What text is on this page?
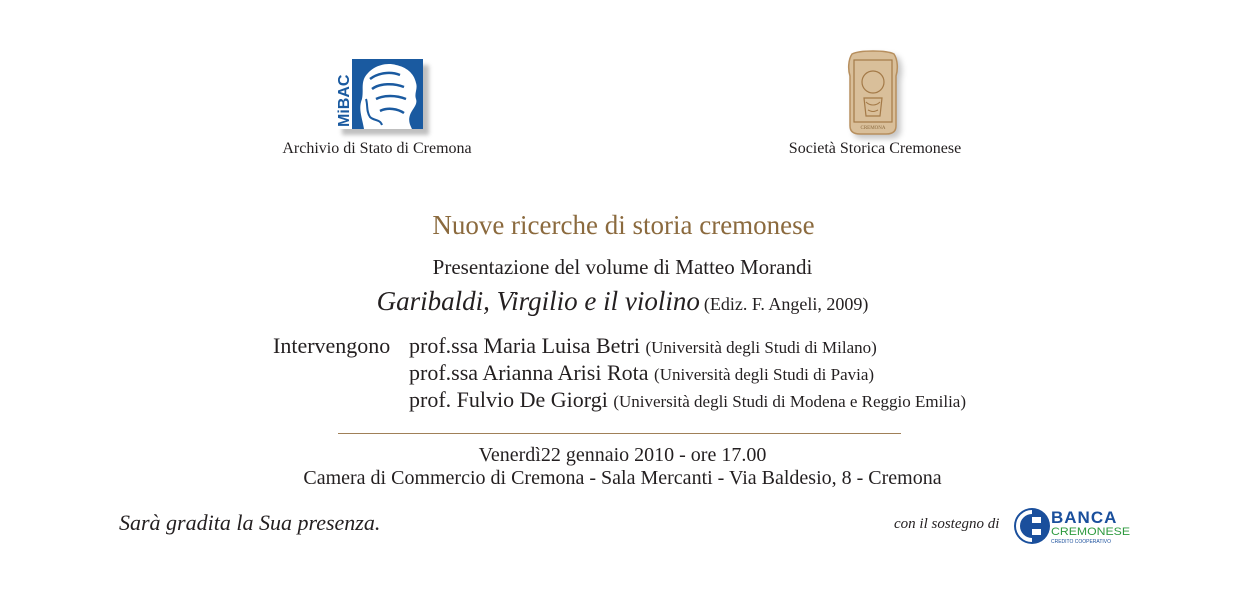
MiBAC
Archivio di Stato di Cremona
CREMONA
Società Storica Cremonese
Nuove ricerche di storia cremonese
Presentazione del volume di Matteo Morandi
Garibaldi, Virgilio e il violino (Ediz. F. Angeli, 2009)
Intervengono prof.ssa Maria Luisa Betri (Università degli Studi di Milano)
prof.ssa Arianna Arisi Rota (Università degli Studi di Pavia)
prof. Fulvio De Giorgi (Università degli Studi di Modena e Reggio Emilia)
Venerdì22 gennaio 2010 - ore 17.00
Camera di Commercio di Cremona - Sala Mercanti - Via Baldesio, 8 - Cremona
Sarà gradita la Sua presenza.	con il sostegno di	BANCA
CREMONESE
CREDITO COOPERATIVO
